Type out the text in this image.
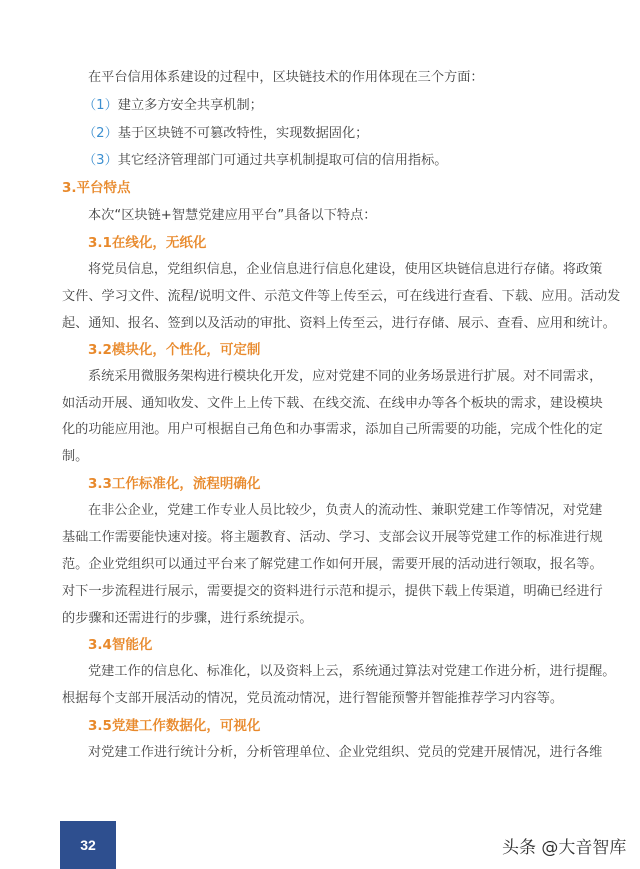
在平台信用体系建设的过程中，区块链技术的作用体现在三个方面：
（1）建立多方安全共享机制；
（2）基于区块链不可篡改特性，实现数据固化；
（3）其它经济管理部门可通过共享机制提取可信的信用指标。
3.平台特点
本次“区块链+智慧党建应用平台”具备以下特点：
3.1在线化，无纸化
将党员信息，党组织信息，企业信息进行信息化建设，使用区块链信息进行存储。将政策
文件、学习文件、流程/说明文件、示范文件等上传至云，可在线进行查看、下载、应用。活动发
起、通知、报名、签到以及活动的审批、资料上传至云，进行存储、展示、查看、应用和统计。
3.2模块化，个性化，可定制
系统采用微服务架构进行模块化开发，应对党建不同的业务场景进行扩展。对不同需求，
如活动开展、通知收发、文件上上传下载、在线交流、在线申办等各个板块的需求，建设模块
化的功能应用池。用户可根据自己角色和办事需求，添加自己所需要的功能，完成个性化的定
制。
3.3工作标准化，流程明确化
在非公企业，党建工作专业人员比较少，负责人的流动性、兼职党建工作等情况，对党建
基础工作需要能快速对接。将主题教育、活动、学习、支部会议开展等党建工作的标准进行规
范。企业党组织可以通过平台来了解党建工作如何开展，需要开展的活动进行领取，报名等。
对下一步流程进行展示，需要提交的资料进行示范和提示，提供下载上传渠道，明确已经进行
的步骤和还需进行的步骤，进行系统提示。
3.4智能化
党建工作的信息化、标准化，以及资料上云，系统通过算法对党建工作进分析，进行提醒。
根据每个支部开展活动的情况，党员流动情况，进行智能预警并智能推荐学习内容等。
3.5党建工作数据化，可视化
对党建工作进行统计分析，分析管理单位、企业党组织、党员的党建开展情况，进行各维
32	头条 @大音智库
